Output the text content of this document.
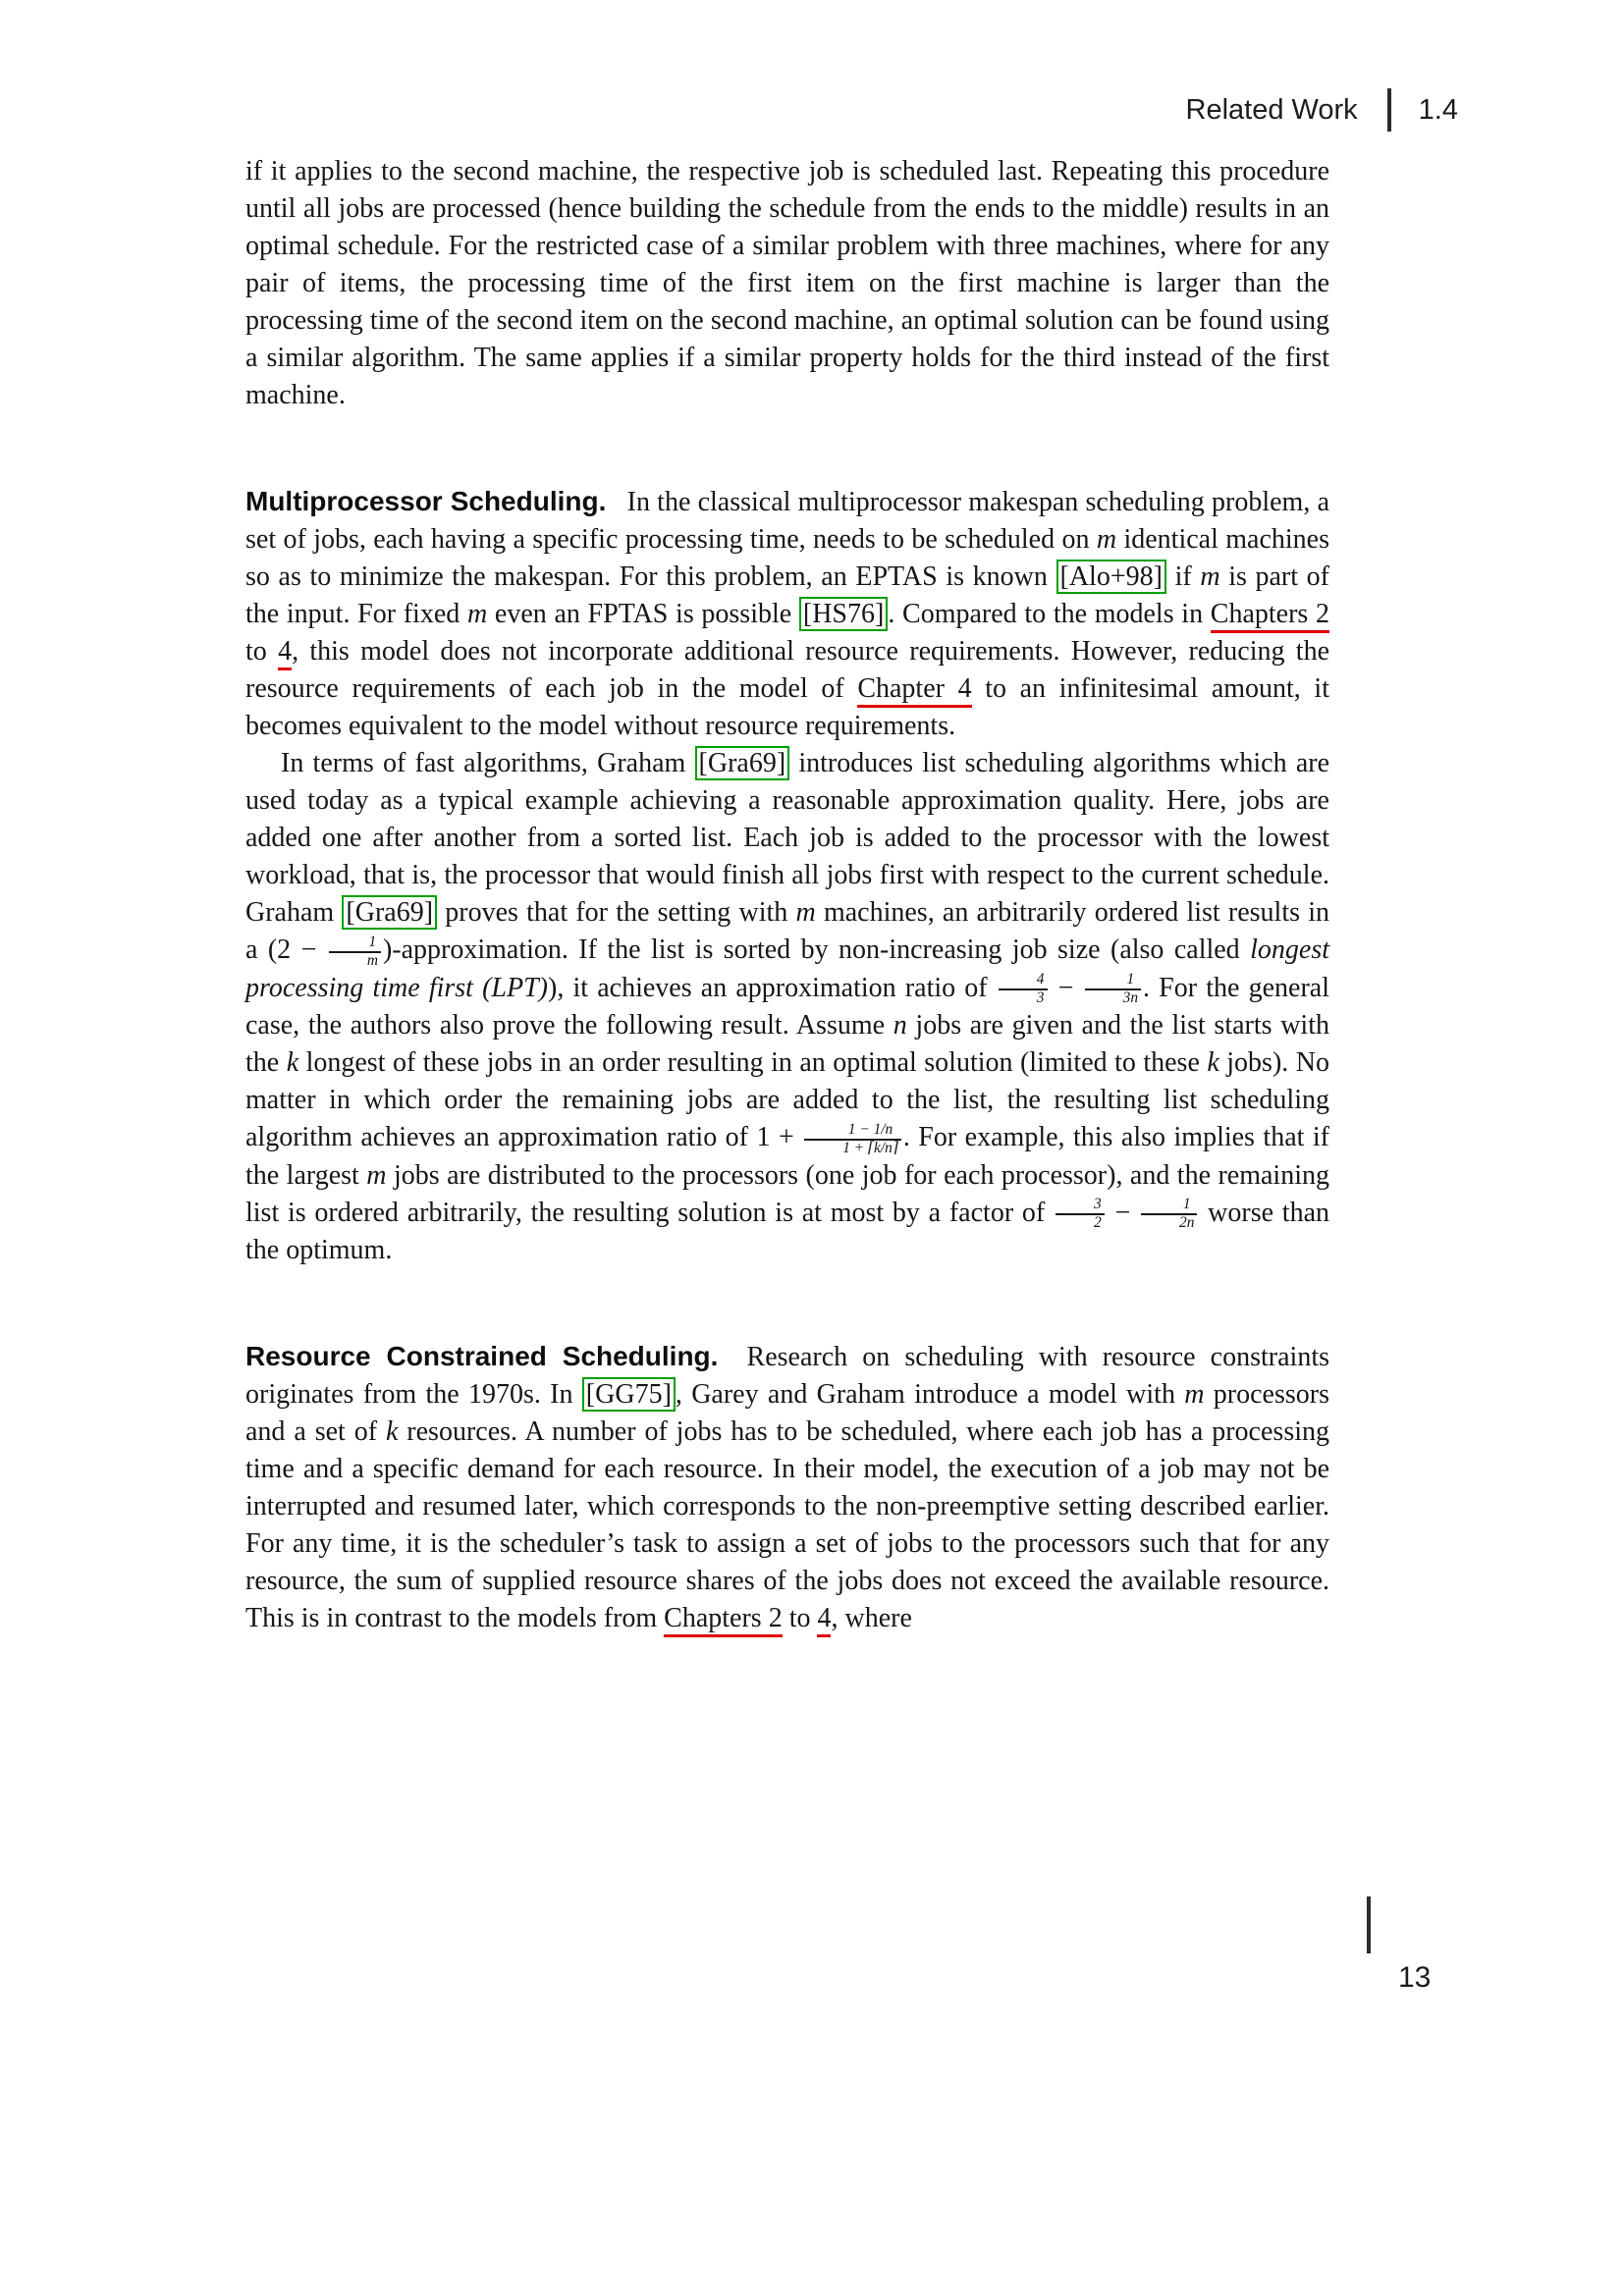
Related Work 1.4

if it applies to the second machine, the respective job is scheduled last. Repeating this procedure until all jobs are processed (hence building the schedule from the ends to the middle) results in an optimal schedule. For the restricted case of a similar problem with three machines, where for any pair of items, the processing time of the first item on the first machine is larger than the processing time of the second item on the second machine, an optimal solution can be found using a similar algorithm. The same applies if a similar property holds for the third instead of the first machine.

Multiprocessor Scheduling. In the classical multiprocessor makespan scheduling problem, a set of jobs, each having a specific processing time, needs to be scheduled on m identical machines so as to minimize the makespan. For this problem, an EPTAS is known [Alo+98] if m is part of the input. For fixed m even an FPTAS is possible [HS76] . Compared to the models in Chapters 2 to 4, this model does not incorporate additional resource requirements. However, reducing the resource requirements of each job in the model of Chapter 4 to an infinitesimal amount, it becomes equivalent to the model without resource requirements.

In terms of fast algorithms, Graham [Gra69] introduces list scheduling algorithms which are used today as a typical example achieving a reasonable approximation quality. Here, jobs are added one after another from a sorted list. Each job is added to the processor with the lowest workload, that is, the processor that would finish all jobs first with respect to the current schedule. Graham [Gra69] proves that for the setting with m machines, an arbitrarily ordered list results in a ($2 - \frac{1}{m}$ )-approximation. If the list is sorted by non-increasing job size (also called longest processing time first (LPT)), it achieves an approximation ratio of $\frac{4}{3} - \frac{1}{3n}$ . For the general case, the authors also prove the following result. Assume n jobs are given and the list starts with the k longest of these jobs in an order resulting in an optimal solution (limited to these k jobs). No matter in which order the remaining jobs are added to the list, the resulting list scheduling algorithm achieves an approximation ratio of $1 + \frac{1 - 1/n}{1 + ⌈k/n⌉}$ . For example, this also implies that if the largest m jobs are distributed to the processors (one job for each processor), and the remaining list is ordered arbitrarily, the resulting solution is at most by a factor of $\frac{3}{2} - \frac{1}{2n}$ worse than the optimum.

Resource Constrained Scheduling. Research on scheduling with resource constraints originates from the 1970s. In [GG75] , Garey and Graham introduce a model with m processors and a set of k resources. A number of jobs has to be scheduled, where each job has a processing time and a specific demand for each resource. In their model, the execution of a job may not be interrupted and resumed later, which corresponds to the non-preemptive setting described earlier. For any time, it is the scheduler’s task to assign a set of jobs to the processors such that for any resource, the sum of supplied resource shares of the jobs does not exceed the available resource. This is in contrast to the models from Chapters 2 to 4, where

13
